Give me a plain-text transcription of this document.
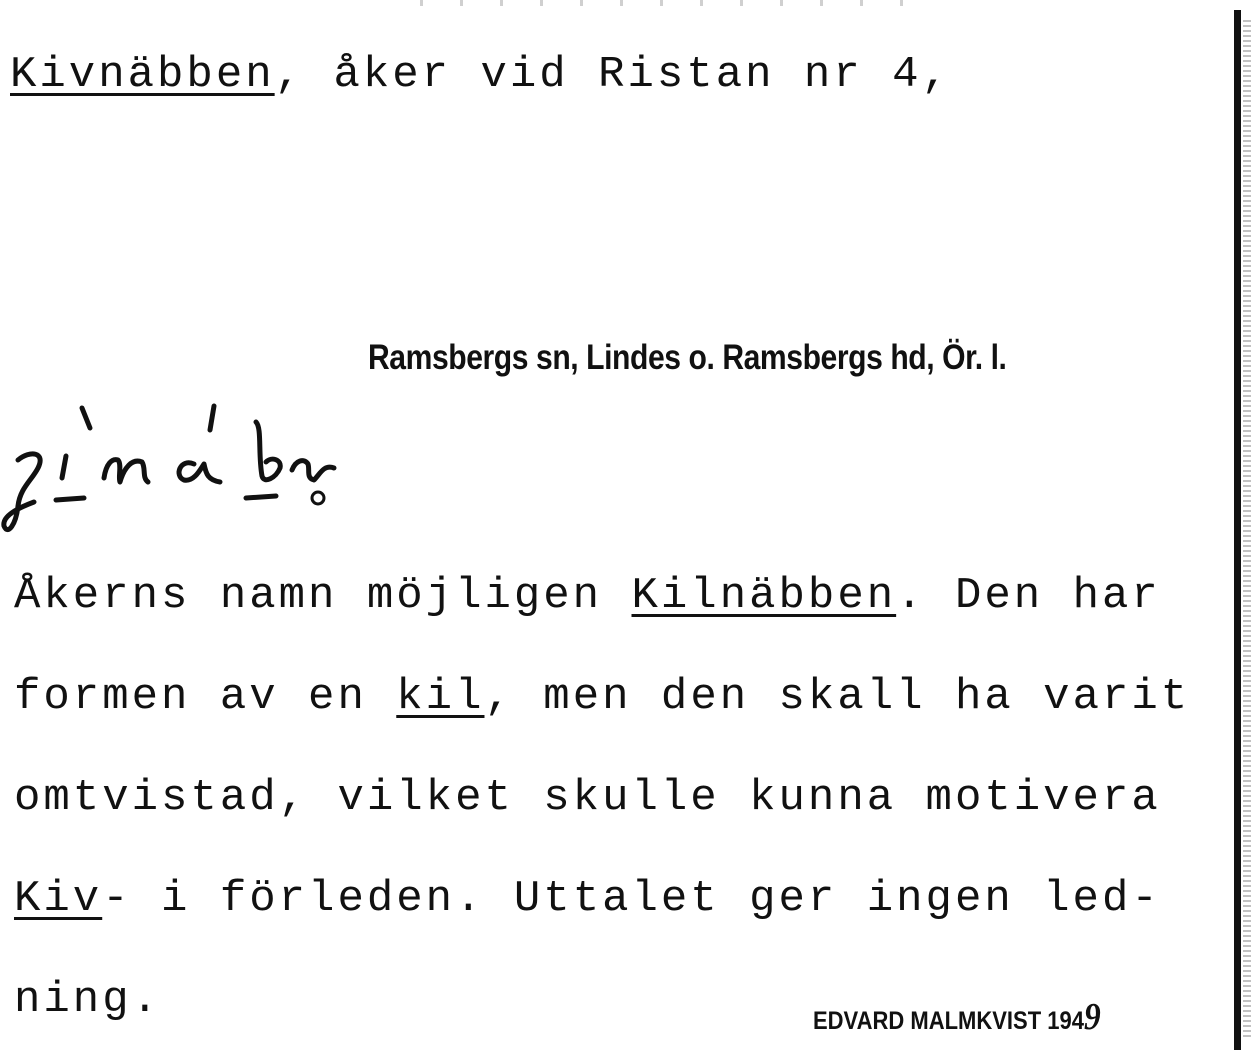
Kivnäbben, åker vid Ristan nr 4,
Ramsbergs sn, Lindes o. Ramsbergs hd, Ör. l.
Åkerns namn möjligen Kilnäbben. Den har
formen av en kil, men den skall ha varit
omtvistad, vilket skulle kunna motivera
Kiv- i förleden. Uttalet ger ingen led-
ning.	EDVARD MALMKVIST 1949
